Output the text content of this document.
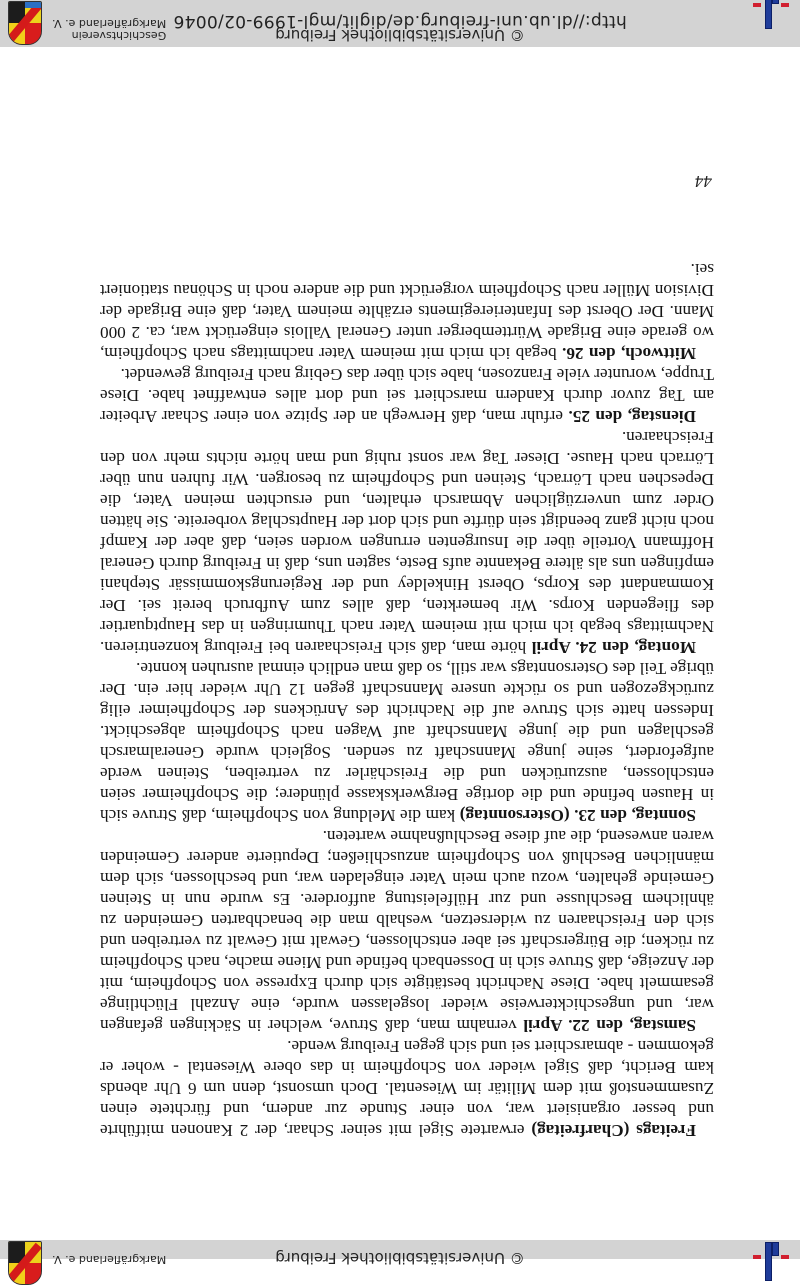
© Universitätsbibliothek Freiburg
Markgräflerland e. V.

Freitags (Charfreitag) erwartete Sigel mit seiner Schaar, der 2 Kanonen mitführte und besser organisiert war, von einer Stunde zur andern, und fürchtete einen Zusammenstoß mit dem Militär im Wiesental. Doch umsonst, denn um 6 Uhr abends kam Bericht, daß Sigel wieder von Schopfheim in das obere Wiesental - woher er gekommen - abmarschiert sei und sich gegen Freiburg wende.

Samstag, den 22. April vernahm man, daß Struve, welcher in Säckingen gefangen war, und ungeschickterweise wieder losgelassen wurde, eine Anzahl Flüchtlinge gesammelt habe. Diese Nachricht bestätigte sich durch Expresse von Schopfheim, mit der Anzeige, daß Struve sich in Dossenbach befinde und Miene mache, nach Schopfheim zu rücken; die Bürgerschaft sei aber entschlossen, Gewalt mit Gewalt zu vertreiben und sich den Freischaaren zu widersetzen, weshalb man die benachbarten Gemeinden zu ähnlichem Beschlusse und zur Hülfeleistung auffordere. Es wurde nun in Steinen Gemeinde gehalten, wozu auch mein Vater eingeladen war, und beschlossen, sich dem männlichen Beschluß von Schopfheim anzuschließen; Deputierte anderer Gemeinden waren anwesend, die auf diese Beschlußnahme warteten.

Sonntag, den 23. (Ostersonntag) kam die Meldung von Schopfheim, daß Struve sich in Hausen befinde und die dortige Bergwerkskasse plündere; die Schopfheimer seien entschlossen, auszurücken und die Freischärler zu vertreiben, Steinen werde aufgefordert, seine junge Mannschaft zu senden. Sogleich wurde Generalmarsch geschlagen und die junge Mannschaft auf Wagen nach Schopfheim abgeschickt. Indessen hatte sich Struve auf die Nachricht des Anrückens der Schopfheimer eilig zurückgezogen und so rückte unsere Mannschaft gegen 12 Uhr wieder hier ein. Der übrige Teil des Ostersonntags war still, so daß man endlich einmal ausruhen konnte.

Montag, den 24. April hörte man, daß sich Freischaaren bei Freiburg konzentrieren. Nachmittags begab ich mich mit meinem Vater nach Thumringen in das Hauptquartier des fliegenden Korps. Wir bemerkten, daß alles zum Aufbruch bereit sei. Der Kommandant des Korps, Oberst Hinkeldey und der Regierungskommissär Stephani empfingen uns als ältere Bekannte aufs Beste, sagten uns, daß in Freiburg durch General Hoffmann Vorteile über die Insurgenten errungen worden seien, daß aber der Kampf noch nicht ganz beendigt sein dürfte und sich dort der Hauptschlag vorbereite. Sie hätten Order zum unverzüglichen Abmarsch erhalten, und ersuchten meinen Vater, die Depeschen nach Lörrach, Steinen und Schopfheim zu besorgen. Wir fuhren nun über Lörrach nach Hause. Dieser Tag war sonst ruhig und man hörte nichts mehr von den Freischaaren.

Dienstag, den 25. erfuhr man, daß Herwegh an der Spitze von einer Schaar Arbeiter am Tag zuvor durch Kandern marschiert sei und dort alles entwaffnet habe. Diese Truppe, worunter viele Franzosen, habe sich über das Gebirg nach Freiburg gewendet.

Mittwoch, den 26. begab ich mich mit meinem Vater nachmittags nach Schopfheim, wo gerade eine Brigade Württemberger unter General Vallois eingerückt war, ca. 2 000 Mann. Der Oberst des Infanterieregiments erzählte meinem Vater, daß eine Brigade der Division Müller nach Schopfheim vorgerückt und die andere noch in Schönau stationiert sei.

44
© Universitätsbibliothek Freiburg
http://dl.ub.uni-freiburg.de/diglit/mgl-1999-02/0046
Geschichtsverein
Markgräflerland e. V.
